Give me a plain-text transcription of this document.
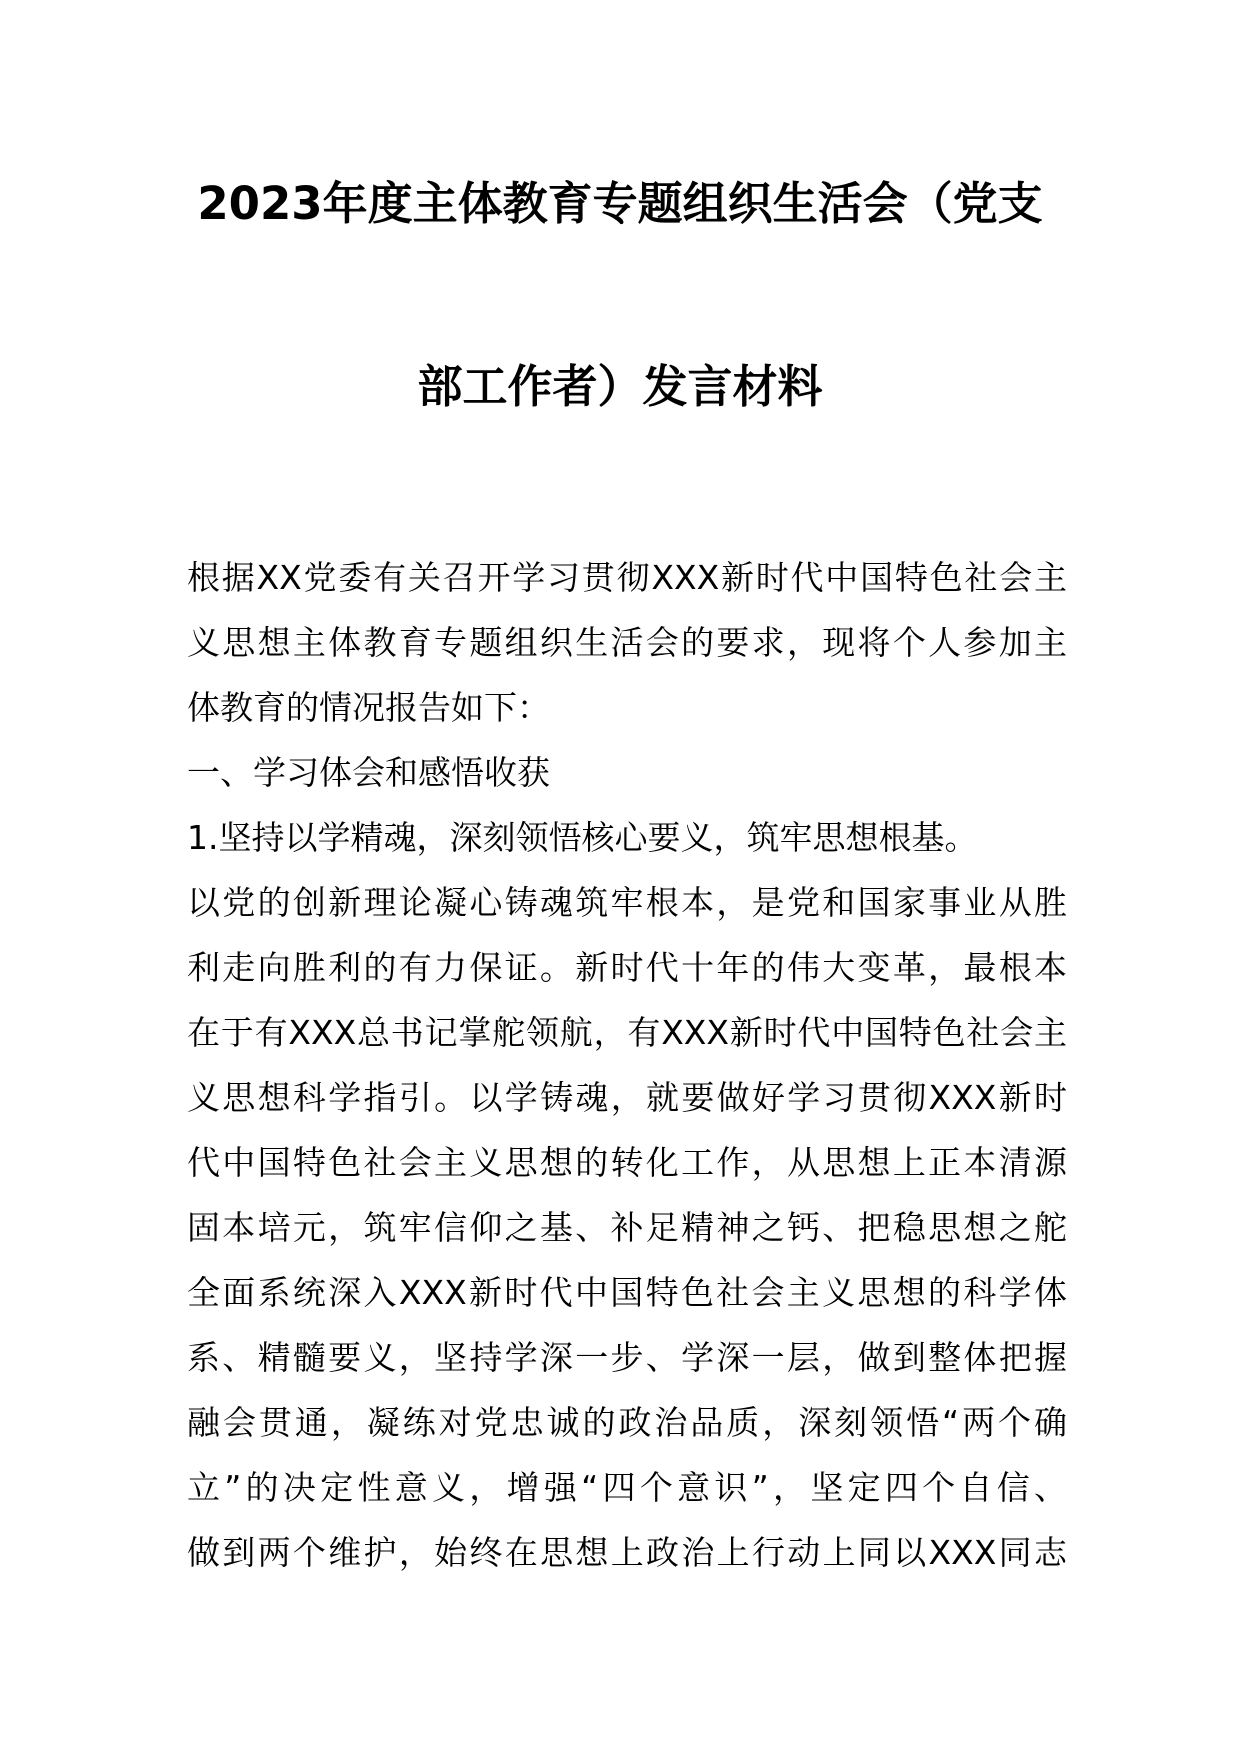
2023年度主体教育专题组织生活会（党支
部工作者）发言材料
根据XX党委有关召开学习贯彻XXX新时代中国特色社会主
义思想主体教育专题组织生活会的要求，现将个人参加主
体教育的情况报告如下：
一、学习体会和感悟收获
1.坚持以学精魂，深刻领悟核心要义，筑牢思想根基。
以党的创新理论凝心铸魂筑牢根本，是党和国家事业从胜
利走向胜利的有力保证。新时代十年的伟大变革，最根本
在于有XXX总书记掌舵领航，有XXX新时代中国特色社会主
义思想科学指引。以学铸魂，就要做好学习贯彻XXX新时
代中国特色社会主义思想的转化工作，从思想上正本清源
固本培元，筑牢信仰之基、补足精神之钙、把稳思想之舵
全面系统深入XXX新时代中国特色社会主义思想的科学体
系、精髓要义，坚持学深一步、学深一层，做到整体把握
融会贯通，凝练对党忠诚的政治品质，深刻领悟“两个确
立”的决定性意义，增强“四个意识”，坚定四个自信、
做到两个维护，始终在思想上政治上行动上同以XXX同志
